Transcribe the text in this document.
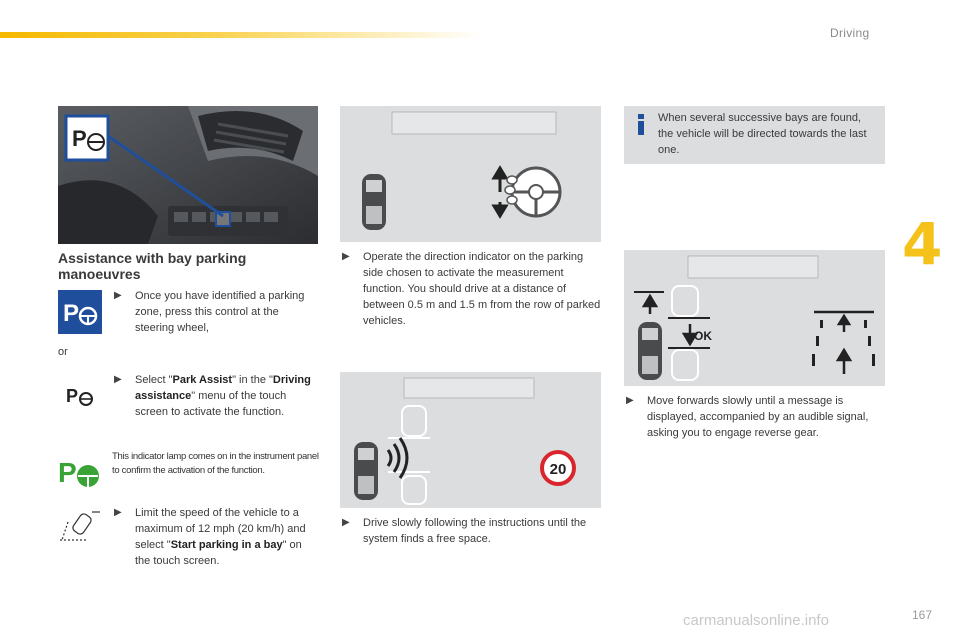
Driving
4
P
Assistance with bay parking manoeuvres
P
▶	Once you have identified a parking zone, press this control at the steering wheel,
or
P
▶	Select "Park Assist" in the "Driving assistance" menu of the touch screen to activate the function.
P
This indicator lamp comes on in the instrument panel to confirm the activation of the function.
▶	Limit the speed of the vehicle to a maximum of 12 mph (20 km/h) and select "Start parking in a bay" on the touch screen.
▶	Operate the direction indicator on the parking side chosen to activate the measurement function. You should drive at a distance of between 0.5 m and 1.5 m from the row of parked vehicles.
20
▶	Drive slowly following the instructions until the system finds a free space.
When several successive bays are found, the vehicle will be directed towards the last one.
OK
▶	Move forwards slowly until a message is displayed, accompanied by an audible signal, asking you to engage reverse gear.
carmanualsonline.info	167
